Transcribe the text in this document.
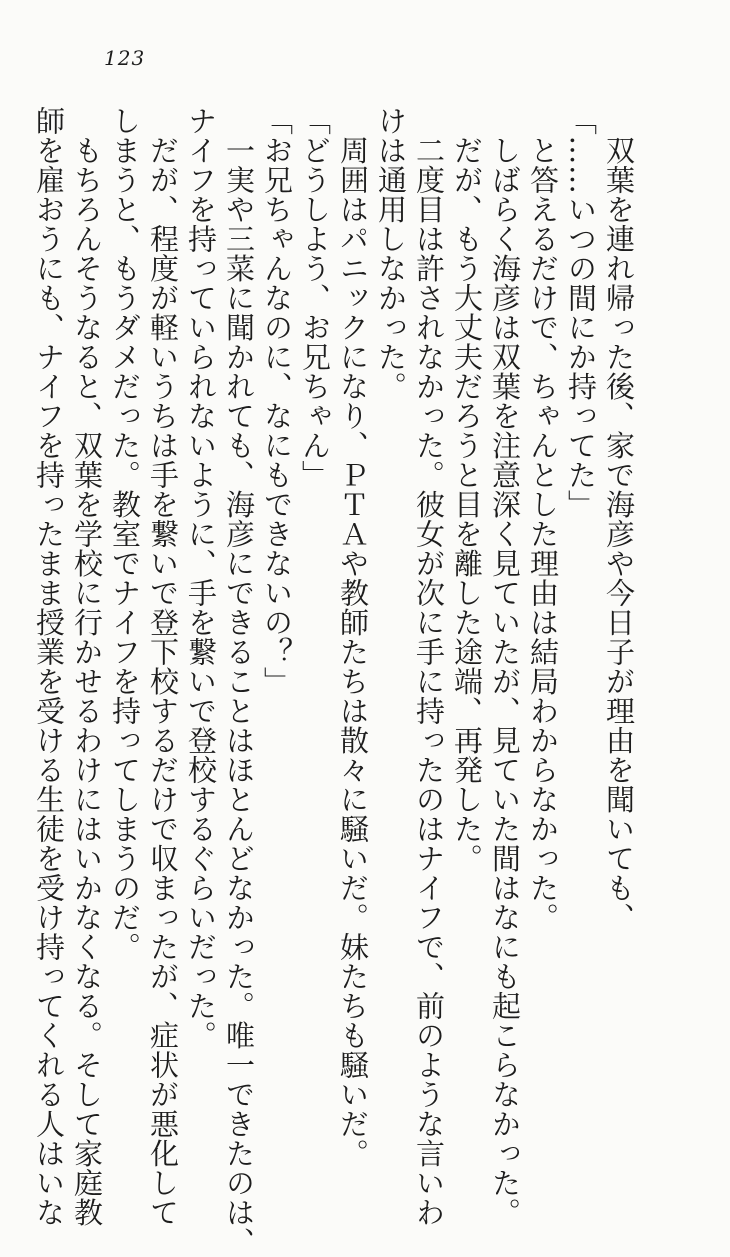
123
　双葉を連れ帰った後、家で海彦や今日子が理由を聞いても、
「……いつの間にか持ってた」
　と答えるだけで、ちゃんとした理由は結局わからなかった。
　しばらく海彦は双葉を注意深く見ていたが、見ていた間はなにも起こらなかった。
　だが、もう大丈夫だろうと目を離した途端、再発した。
　二度目は許されなかった。彼女が次に手に持ったのはナイフで、前のような言いわ
けは通用しなかった。
　周囲はパニックになり、ＰＴＡや教師たちは散々に騒いだ。妹たちも騒いだ。
「どうしよう、お兄ちゃん」
「お兄ちゃんなのに、なにもできないの？」
　一実や三菜に聞かれても、海彦にできることはほとんどなかった。唯一できたのは、
ナイフを持っていられないように、手を繋いで登校するぐらいだった。
　だが、程度が軽いうちは手を繋いで登下校するだけで収まったが、症状が悪化して
しまうと、もうダメだった。教室でナイフを持ってしまうのだ。
　もちろんそうなると、双葉を学校に行かせるわけにはいかなくなる。そして家庭教
師を雇おうにも、ナイフを持ったまま授業を受ける生徒を受け持ってくれる人はいな
